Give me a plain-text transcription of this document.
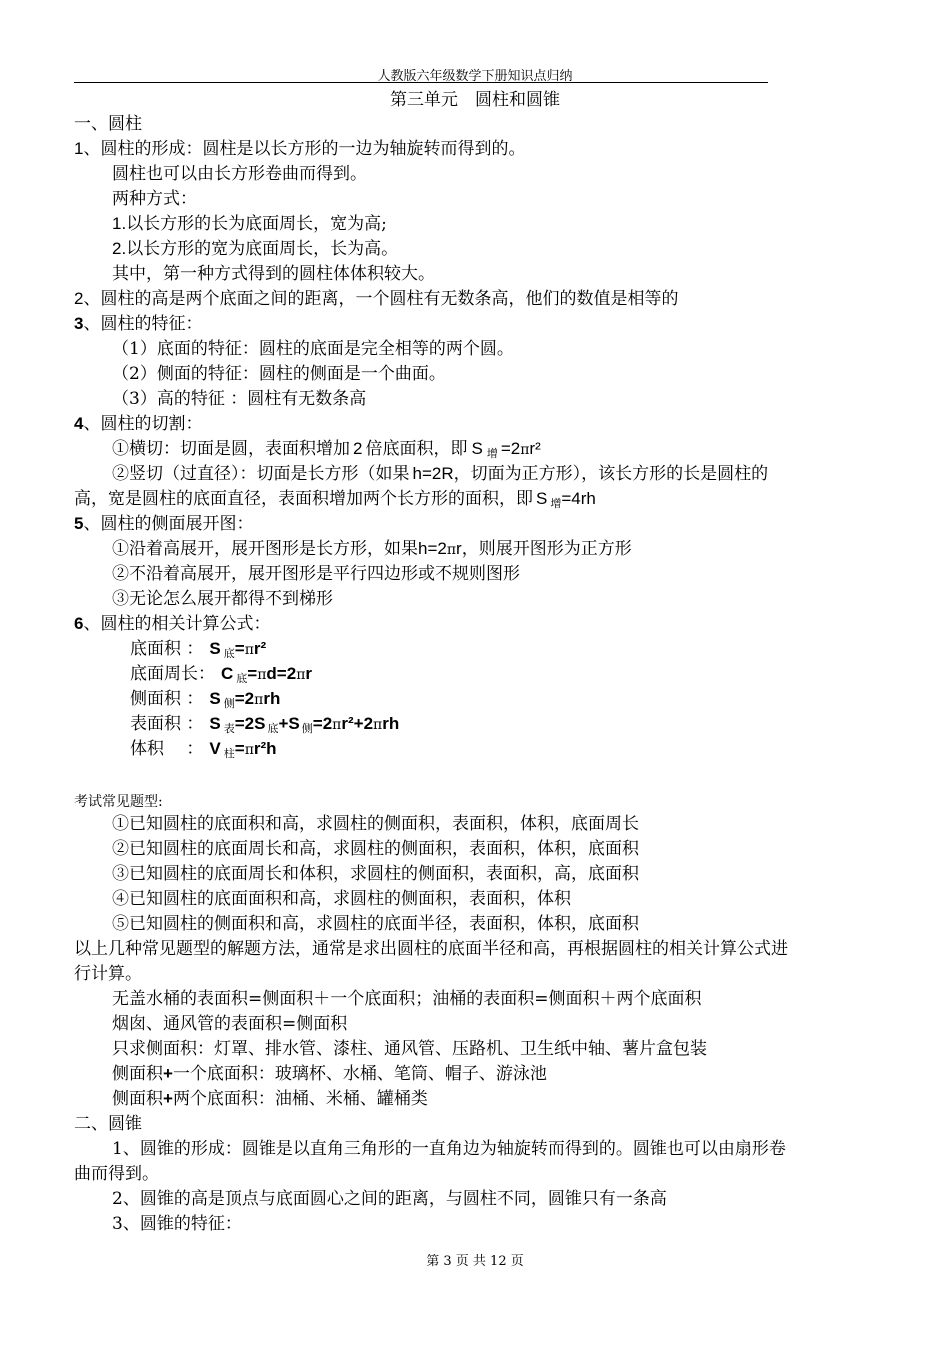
人教版六年级数学下册知识点归纳
第三单元　圆柱和圆锥
一、圆柱
1、圆柱的形成：圆柱是以长方形的一边为轴旋转而得到的。
圆柱也可以由长方形卷曲而得到。
两种方式：
1.以长方形的长为底面周长，宽为高;
2.以长方形的宽为底面周长，长为高。
其中，第一种方式得到的圆柱体体积较大。
2、圆柱的高是两个底面之间的距离，一个圆柱有无数条高，他们的数值是相等的
3、圆柱的特征：
（1）底面的特征：圆柱的底面是完全相等的两个圆。
（2）侧面的特征：圆柱的侧面是一个曲面。
（3）高的特征 ：圆柱有无数条高
4、圆柱的切割：
①横切：切面是圆，表面积增加 2 倍底面积，即 S $_增$ =2πr²
②竖切（过直径）：切面是长方形（如果 h=2R，切面为正方形），该长方形的长是圆柱的
高，宽是圆柱的底面直径，表面积增加两个长方形的面积，即 S $_增$=4rh
5、圆柱的侧面展开图：
①沿着高展开，展开图形是长方形，如果h=2πr，则展开图形为正方形
②不沿着高展开，展开图形是平行四边形或不规则图形
③无论怎么展开都得不到梯形
6、圆柱的相关计算公式：
底面积 ： S $_底$=πr²
底面周长： C $_底$=πd=2πr
侧面积 ： S $_侧$=2πrh
表面积 ： S $_表$=2S $_底$+S $_侧$=2πr²+2πrh
体积　 ： V $_柱$=πr²h
考试常见题型:
①已知圆柱的底面积和高，求圆柱的侧面积，表面积，体积，底面周长
②已知圆柱的底面周长和高，求圆柱的侧面积，表面积，体积，底面积
③已知圆柱的底面周长和体积，求圆柱的侧面积，表面积，高，底面积
④已知圆柱的底面面积和高，求圆柱的侧面积，表面积，体积
⑤已知圆柱的侧面积和高，求圆柱的底面半径，表面积，体积，底面积
以上几种常见题型的解题方法，通常是求出圆柱的底面半径和高，再根据圆柱的相关计算公式进
行计算。
无盖水桶的表面积=侧面积＋一个底面积；油桶的表面积=侧面积＋两个底面积
烟囱、通风管的表面积=侧面积
只求侧面积：灯罩、排水管、漆柱、通风管、压路机、卫生纸中轴、薯片盒包装
侧面积+一个底面积：玻璃杯、水桶、笔筒、帽子、游泳池
侧面积+两个底面积：油桶、米桶、罐桶类
二、圆锥
1、圆锥的形成：圆锥是以直角三角形的一直角边为轴旋转而得到的。圆锥也可以由扇形卷
曲而得到。
2、圆锥的高是顶点与底面圆心之间的距离，与圆柱不同，圆锥只有一条高
3、圆锥的特征：
第 3 页 共 12 页
